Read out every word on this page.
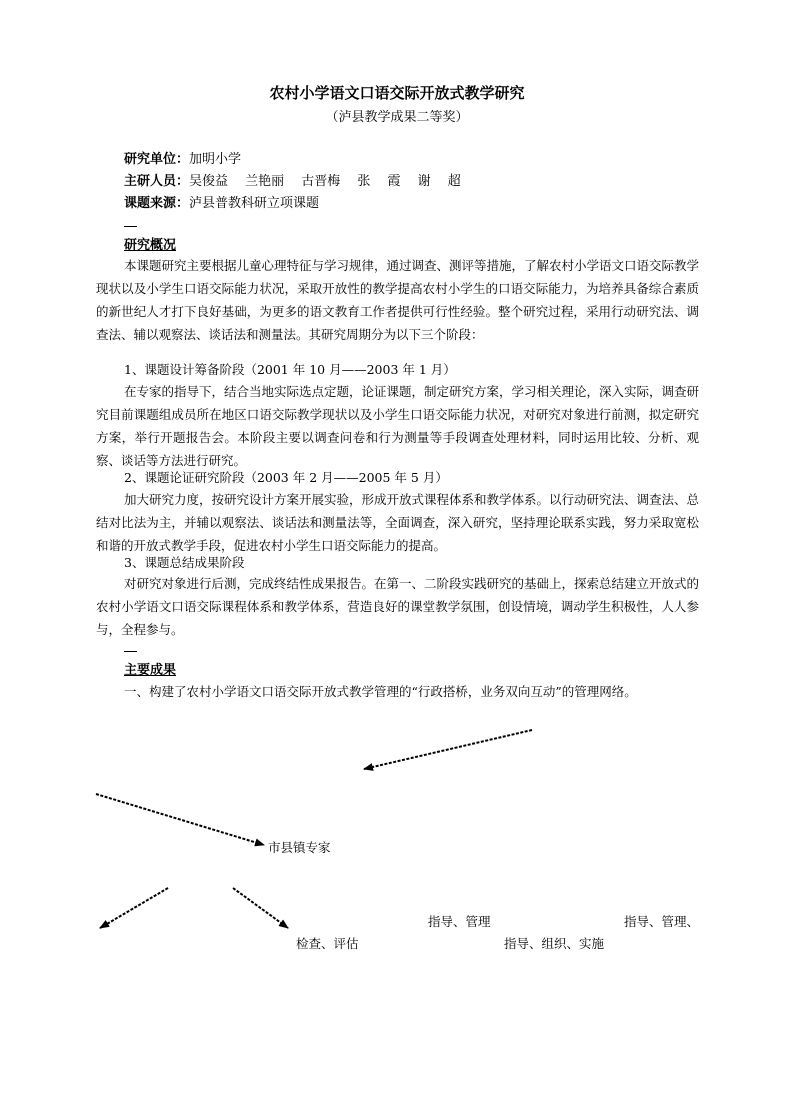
农村小学语文口语交际开放式教学研究
（泸县教学成果二等奖）
研究单位：加明小学
主研人员：吴俊益　 兰艳丽　 古晋梅　 张　 霞　 谢　 超
课题来源：泸县普教科研立项课题
研究概况
本课题研究主要根据儿童心理特征与学习规律，通过调查、测评等措施，了解农村小学语文口语交际教学现状以及小学生口语交际能力状况，采取开放性的教学提高农村小学生的口语交际能力，为培养具备综合素质的新世纪人才打下良好基础，为更多的语文教育工作者提供可行性经验。整个研究过程，采用行动研究法、调查法、辅以观察法、谈话法和测量法。其研究周期分为以下三个阶段：
1、课题设计筹备阶段（2001 年 10 月——2003 年 1 月）
在专家的指导下，结合当地实际选点定题，论证课题，制定研究方案，学习相关理论，深入实际，调查研究目前课题组成员所在地区口语交际教学现状以及小学生口语交际能力状况，对研究对象进行前测，拟定研究方案，举行开题报告会。本阶段主要以调查问卷和行为测量等手段调查处理材料，同时运用比较、分析、观察、谈话等方法进行研究。
2、课题论证研究阶段（2003 年 2 月——2005 年 5 月）
加大研究力度，按研究设计方案开展实验，形成开放式课程体系和教学体系。以行动研究法、调查法、总结对比法为主，并辅以观察法、谈话法和测量法等，全面调查，深入研究，坚持理论联系实践，努力采取宽松和谐的开放式教学手段，促进农村小学生口语交际能力的提高。
3、课题总结成果阶段
对研究对象进行后测，完成终结性成果报告。在第一、二阶段实践研究的基础上，探索总结建立开放式的农村小学语文口语交际课程体系和教学体系，营造良好的课堂教学氛围，创设情境，调动学生积极性，人人参与，全程参与。
主要成果
一、构建了农村小学语文口语交际开放式教学管理的“行政搭桥，业务双向互动”的管理网络。
市县镇专家
指导、管理	指导、管理、
检查、评估	指导、组织、实施
